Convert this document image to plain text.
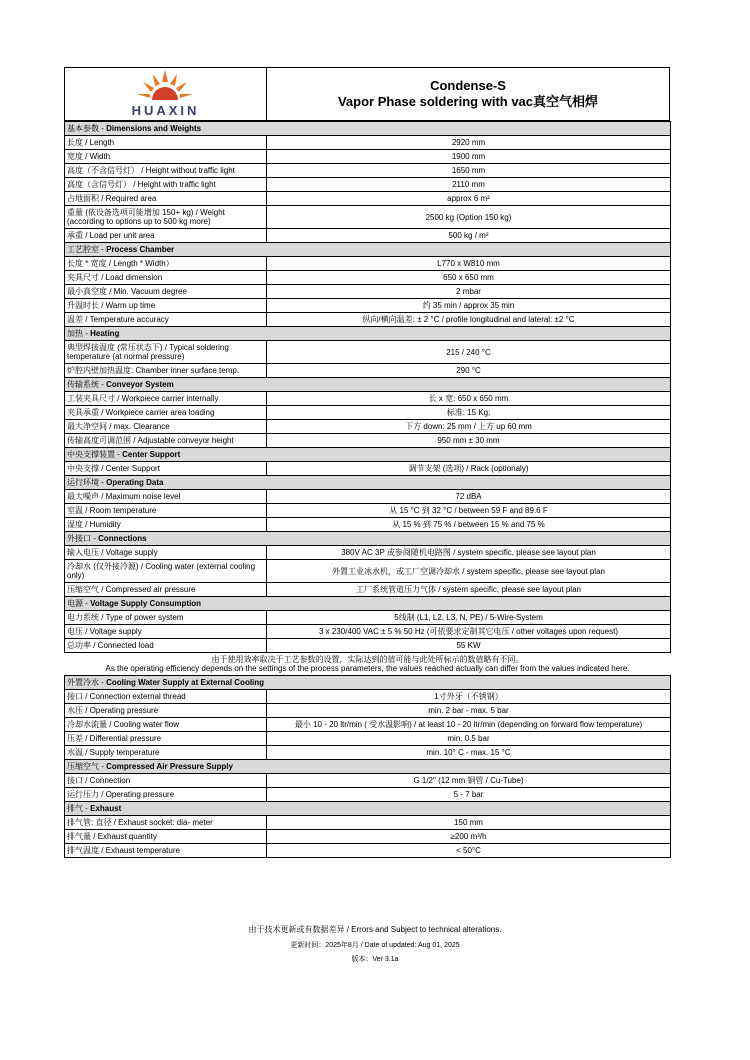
HUAXIN
Condense-S
Vapor Phase soldering with vac真空气相焊
基本参数 - Dimensions and Weights	
长度 / Length	2920 mm
宽度 / Width	1900 mm
高度（不含信号灯） / Height without traffic light	1650 mm
高度（含信号灯） / Height with traffic light	2110 mm
占地面积 / Required area	approx 6 m²
重量 (依设备选项可能增加 150+ kg) / Weight (according to options up to 500 kg more)	2500 kg (Option 150 kg)
承重 / Load per unit area	500 kg / m²
工艺腔室 - Process Chamber	
长度 * 宽度 / Length * Width）	L770 x W810 mm
夹具尺寸 / Load dimension	650 x 650 mm
最小真空度 / Min. Vacuum degree	2 mbar
升温时长 / Warm up time	约 35 min / approx 35 min
温差 / Temperature accuracy	纵向/横向温差: ± 2 °C / profile longitudinal and lateral: ±2 °C
加热 - Heating	
典型焊接温度 (常压状态下) / Typical soldering temperature (at normal pressure)	215 / 240 °C
炉腔内壁加热温度: Chamber inner surface temp.	290 °C
传输系统 - Conveyor System	
工装夹具尺寸 / Workpiece carrier internally	长 x 宽: 650 x 650 mm
夹具承重 / Workpiece carrier area loading	标准: 15 Kg;
最大净空间 / max. Clearance	下方 down: 25 mm / 上方 up 60 mm
传输高度可调范围 / Adjustable conveyor height	950 mm ± 30 mm
中央支撑装置 - Center Support	
中央支撑 / Center Support	调节支架 (选项) / Rack (optionaly)
运行环境 - Operating Data	
最大噪声 / Maximum noise level	72 dBA
室温 / Room temperature	从 15 °C 到 32 °C / between 59 F and 89.6 F
湿度 / Humidity	从 15 % 到 75 % / between 15 % and 75 %
外接口 - Connections	
输入电压 / Voltage supply	380V AC 3P 或参阅随机电路图 / system specific, please see layout plan
冷却水 (仅外接冷源) / Cooling water (external cooling only)	外置工业冰水机，或工厂空调冷却水 / system specific, please see layout plan
压缩空气 / Compressed air pressure	工厂系统管道压力气体 / system specific, please see layout plan
电源 - Voltage Supply Consumption	
电力系统 / Type of power system	5线制 (L1, L2, L3, N, PE) / 5-Wire-System
电压 / Voltage supply	3 x 230/400 VAC ± 5 % 50 Hz (可依要求定制其它电压 / other voltages upon request)
总功率 / Connected load	55 KW

由于使用效率取决于工艺参数的设置，实际达到的值可能与此处所标示的数值略有不同。
As the operating efficiency depends on the settings of the process parameters, the values reached actually can differ from the values indicated here.	

外置冷水 - Cooling Water Supply at External Cooling	
接口 / Connection external thread	1寸外牙（不锈钢）
水压 / Operating pressure	min. 2 bar - max. 5 bar
冷却水流量 / Cooling water flow	最小 10 - 20 ltr/min ( 受水温影响) / at least 10 - 20 ltr/min (depending on forward flow temperature)
压差 / Differential pressure	min. 0.5 bar
水温 / Supply temperature	min. 10° C - max. 15 °C
压缩空气 - Compressed Air Pressure Supply	
接口 / Connection	G 1/2" (12 mm 铜管 / Cu-Tube)
运行压力 / Operating pressure	5 - 7 bar
排气 - Exhaust	
排气管: 直径 / Exhaust socket: dia- meter	150 mm
排气量 / Exhaust quantity	≥200 m³/h
排气温度 / Exhaust temperature	< 50°C
由于技术更新或有数据差异 / Errors and Subject to technical alterations.
更新时间：2025年8月 / Date of updated: Aug 01, 2025
版本：Ver 3.1a
